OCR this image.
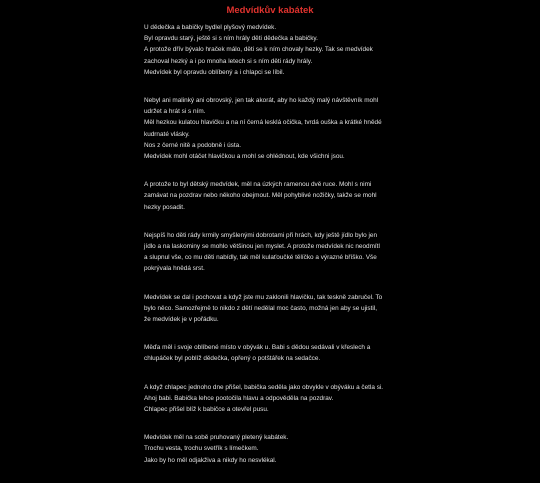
Medvídkův kabátek
U dědečka a babičky bydlel plyšový medvídek.
Byl opravdu starý, ještě si s ním hrály děti dědečka a babičky.
A protože dřív bývalo hraček málo, děti se k ním chovaly hezky. Tak se medvídek
zachoval hezký a i po mnoha letech si s ním děti rády hrály.
Medvídek byl opravdu oblíbený a i chlapci se líbil.
Nebyl ani malinký ani obrovský, jen tak akorát, aby ho každý malý návštěvník mohl
udržet a hrát si s ním.
Měl hezkou kulatou hlavičku a na ní černá lesklá očička, tvrdá ouška a krátké hnědé
kudrnaté vlásky.
Nos z černé nitě a podobně i ústa.
Medvídek mohl otáčet hlavičkou a mohl se ohlédnout, kde všichni jsou.
A protože to byl dětský medvídek, měl na úzkých ramenou dvě ruce. Mohl s nimi
zamávat na pozdrav nebo někoho obejmout. Měl pohyblivé nožičky, takže se mohl
hezky posadit.
Nejspíš ho děti rády krmily smyšlenými dobrotami při hrách, kdy ještě jídlo bylo jen
jídlo a na laskominy se mohlo většinou jen myslet. A protože medvídek nic neodmítl
a slupnul vše, co mu děti nabídly, tak měl kulaťoučké tělíčko a výrazné bříško. Vše
pokrývala hnědá srst.
Medvídek se dal i pochovat a když jste mu zaklonili hlavičku, tak teskně zabručel. To
bylo něco. Samozřejmě to nikdo z dětí nedělal moc často, možná jen aby se ujistil,
že medvídek je v pořádku.
Měďa měl i svoje oblíbené místo v obývák u. Babi s dědou sedávali v křeslech a
chlupáček byl poblíž dědečka, opřený o potštářek na sedačce.
A když chlapec jednoho dne přišel, babička seděla jako obvykle v obýváku a četla si.
Ahoj babi. Babička lehce pootočila hlavu a odpověděla na pozdrav.
Chlapec přišel blíž k babičce a otevřel pusu.
Medvídek měl na sobě pruhovaný pletený kabátek.
Trochu vesta, trochu svetřík s límečkem.
Jako by ho měl odjakživa a nikdy ho nesvlékal.
